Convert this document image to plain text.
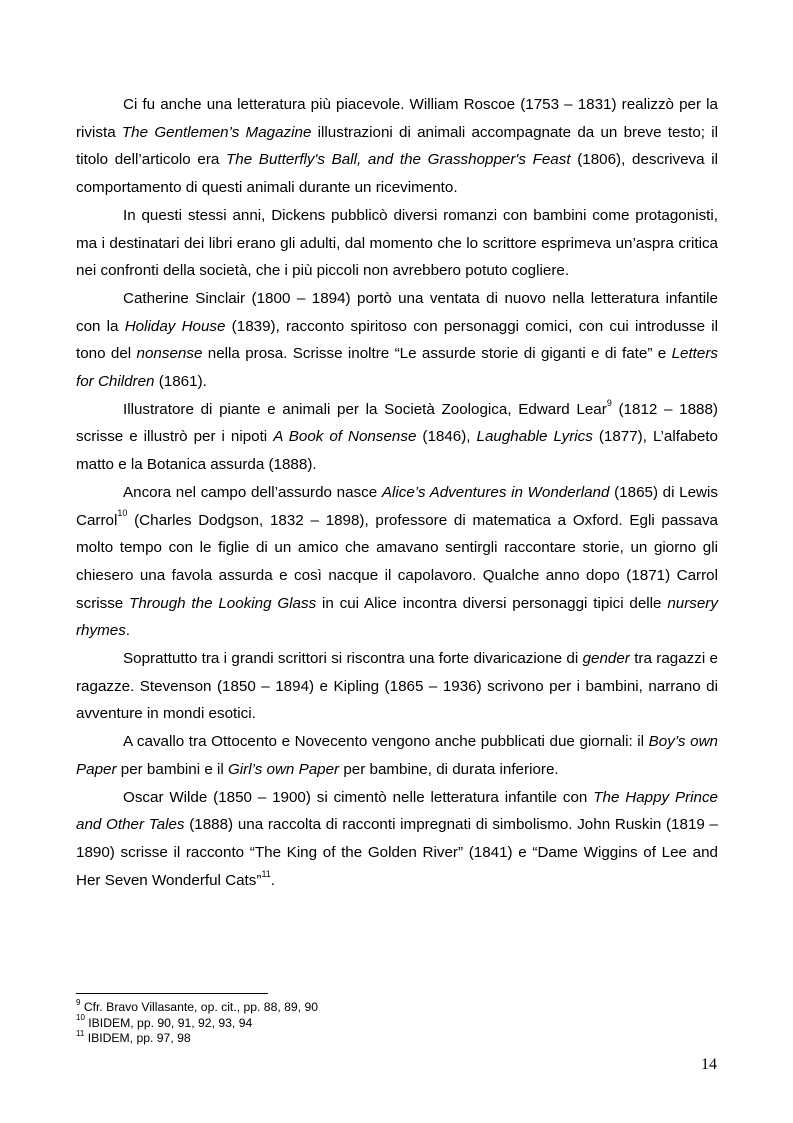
Ci fu anche una letteratura più piacevole. William Roscoe (1753 – 1831) realizzò per la rivista The Gentlemen’s Magazine illustrazioni di animali accompagnate da un breve testo; il titolo dell’articolo era The Butterfly's Ball, and the Grasshopper's Feast (1806), descriveva il comportamento di questi animali durante un ricevimento.

In questi stessi anni, Dickens pubblicò diversi romanzi con bambini come protagonisti, ma i destinatari dei libri erano gli adulti, dal momento che lo scrittore esprimeva un’aspra critica nei confronti della società, che i più piccoli non avrebbero potuto cogliere.

Catherine Sinclair (1800 – 1894) portò una ventata di nuovo nella letteratura infantile con la Holiday House (1839), racconto spiritoso con personaggi comici, con cui introdusse il tono del nonsense nella prosa. Scrisse inoltre “Le assurde storie di giganti e di fate” e Letters for Children (1861).

Illustratore di piante e animali per la Società Zoologica, Edward Lear$^9$ (1812 – 1888) scrisse e illustrò per i nipoti A Book of Nonsense (1846), Laughable Lyrics (1877), L’alfabeto matto e la Botanica assurda (1888).

Ancora nel campo dell’assurdo nasce Alice’s Adventures in Wonderland (1865) di Lewis Carrol$^{10}$ (Charles Dodgson, 1832 – 1898), professore di matematica a Oxford. Egli passava molto tempo con le figlie di un amico che amavano sentirgli raccontare storie, un giorno gli chiesero una favola assurda e così nacque il capolavoro. Qualche anno dopo (1871) Carrol scrisse Through the Looking Glass in cui Alice incontra diversi personaggi tipici delle nursery rhymes.

Soprattutto tra i grandi scrittori si riscontra una forte divaricazione di gender tra ragazzi e ragazze. Stevenson (1850 – 1894) e Kipling (1865 – 1936) scrivono per i bambini, narrano di avventure in mondi esotici.

A cavallo tra Ottocento e Novecento vengono anche pubblicati due giornali: il Boy’s own Paper per bambini e il Girl’s own Paper per bambine, di durata inferiore.

Oscar Wilde (1850 – 1900) si cimentò nelle letteratura infantile con The Happy Prince and Other Tales (1888) una raccolta di racconti impregnati di simbolismo. John Ruskin (1819 – 1890) scrisse il racconto “The King of the Golden River” (1841) e “Dame Wiggins of Lee and Her Seven Wonderful Cats”$^{11}$.

$^9$ Cfr. Bravo Villasante, op. cit., pp. 88, 89, 90
$^{10}$ IBIDEM, pp. 90, 91, 92, 93, 94
$^{11}$ IBIDEM, pp. 97, 98
14
